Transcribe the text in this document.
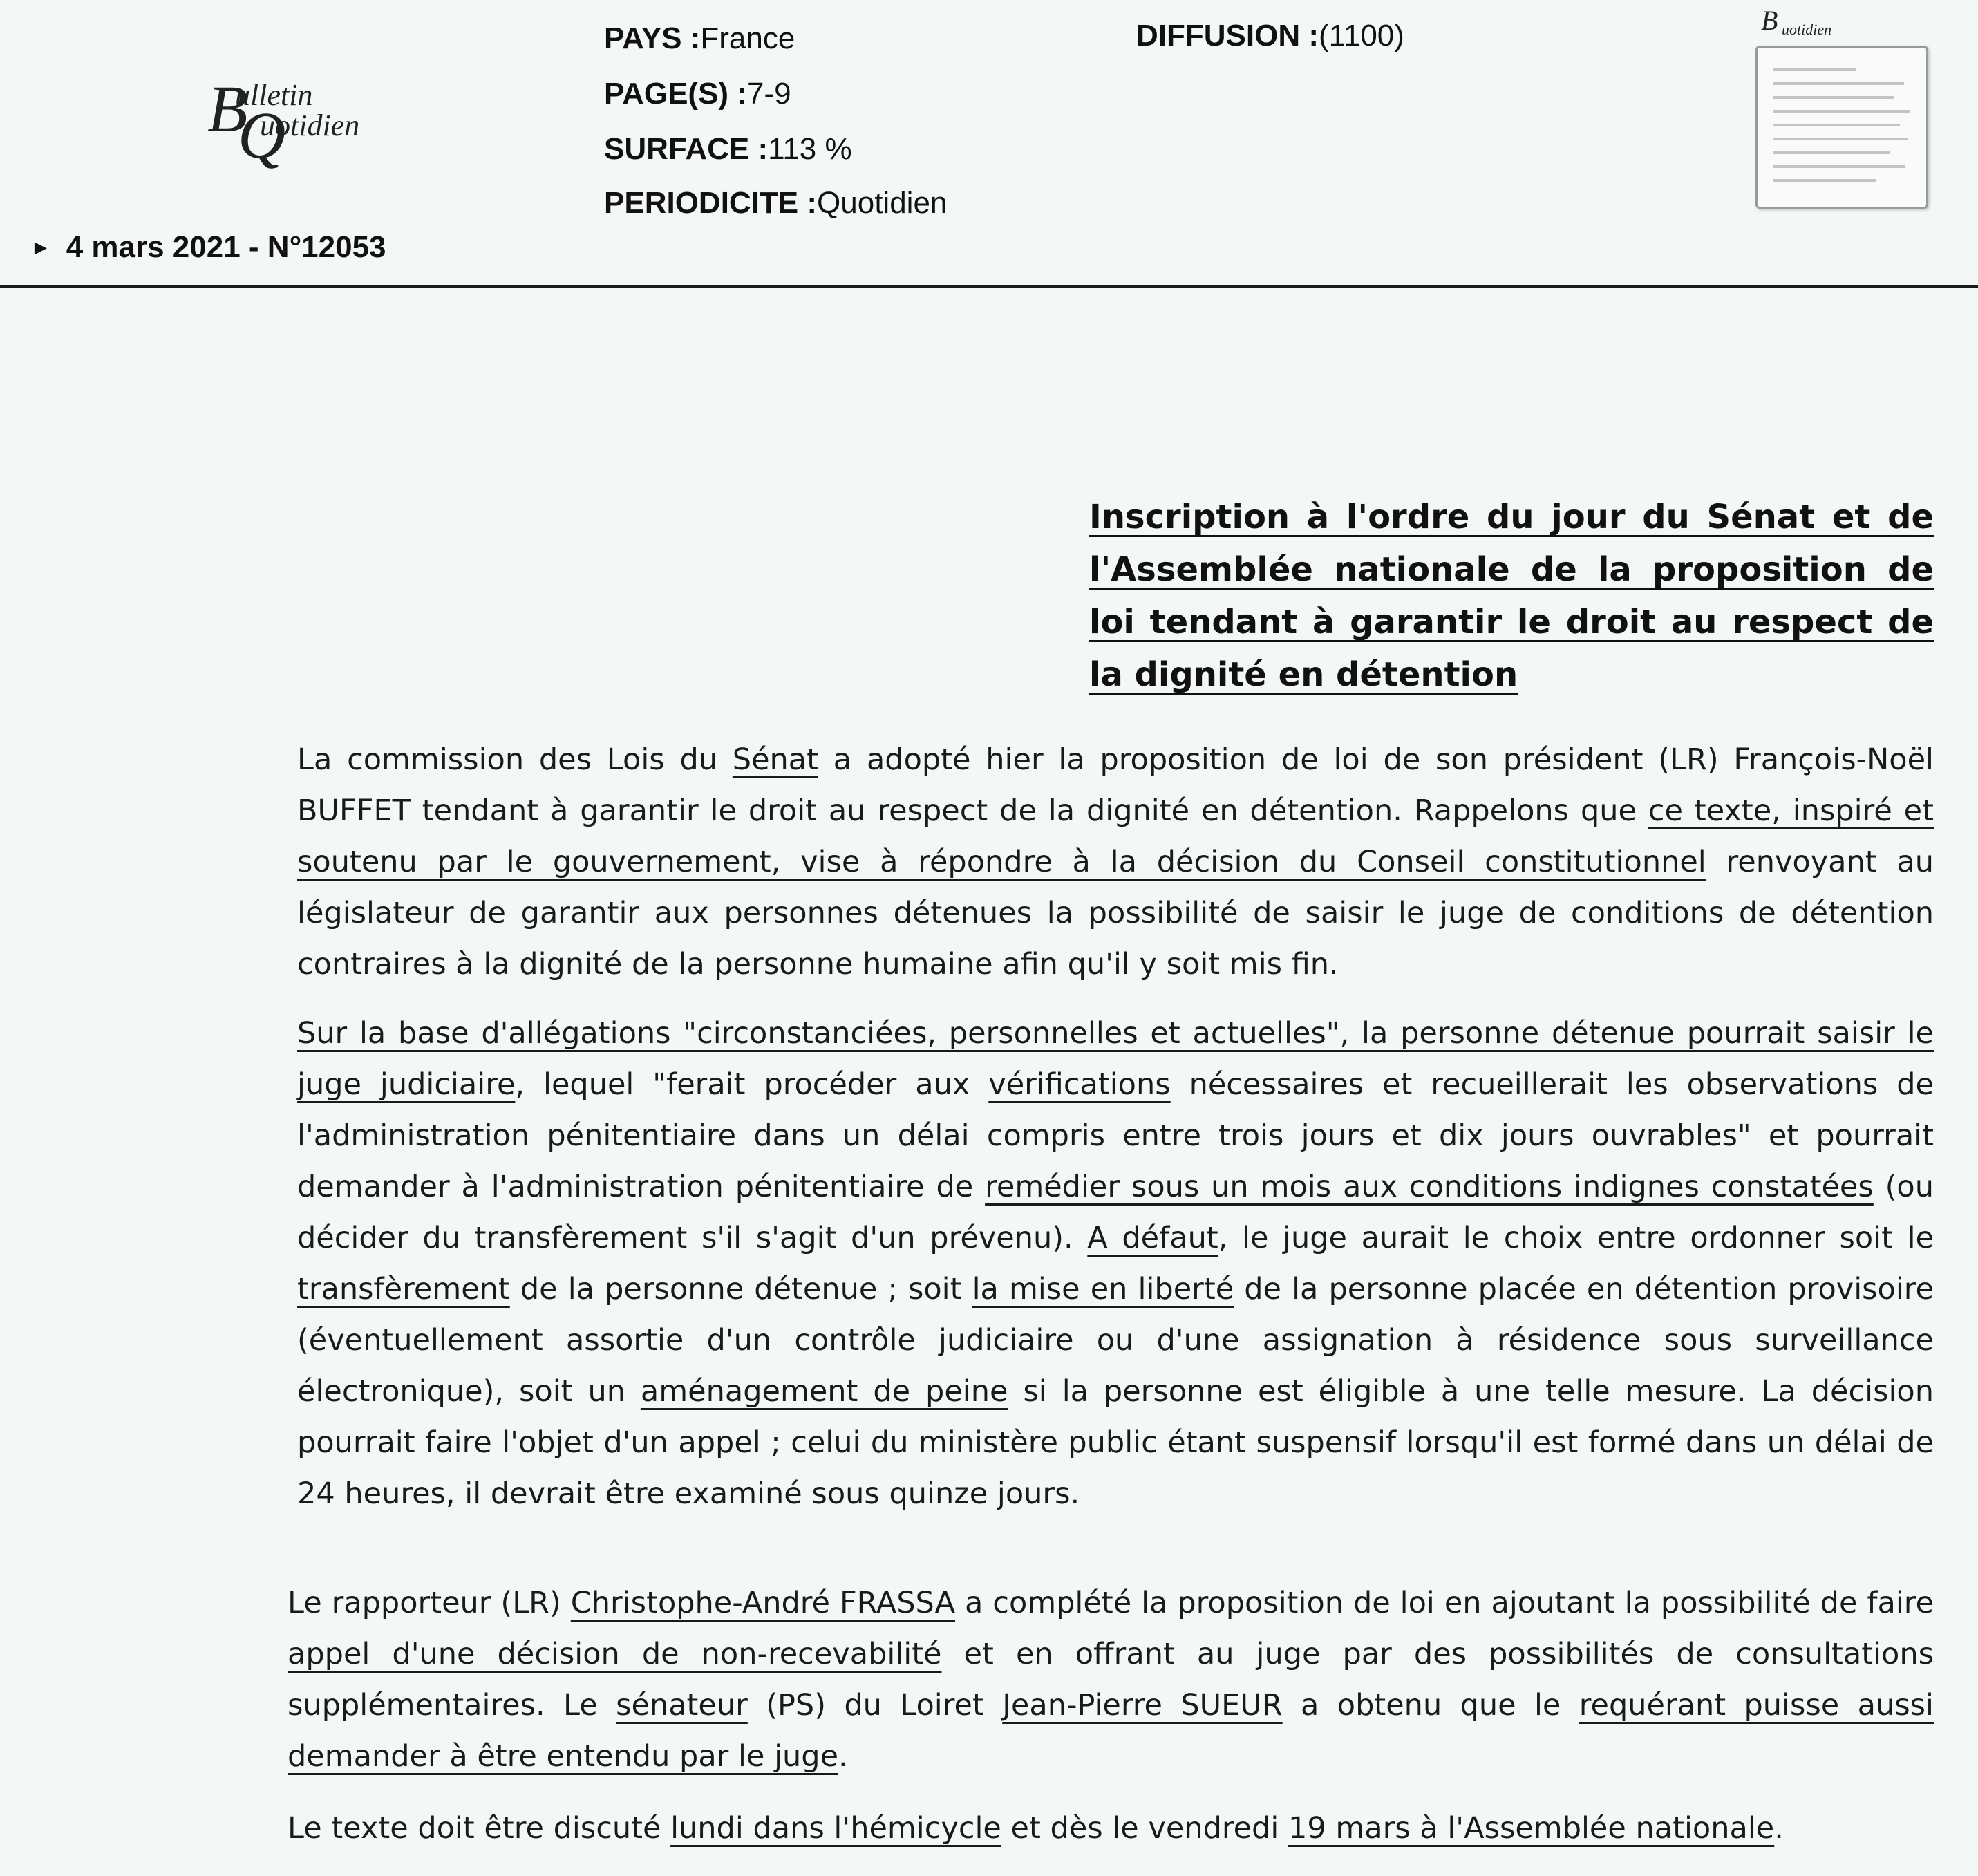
B
ulletin
Q
uotidien
PAYS :France
PAGE(S) :7-9
SURFACE :113 %
PERIODICITE :Quotidien
DIFFUSION :(1100)
► 4 mars 2021 - N°12053
B uotidien
Inscription à l'ordre du jour du Sénat et de l'Assemblée nationale de la proposition de loi tendant à garantir le droit au respect de la dignité en détention

La commission des Lois du Sénat a adopté hier la proposition de loi de son président (LR) François-Noël BUFFET tendant à garantir le droit au respect de la dignité en détention. Rappelons que ce texte, inspiré et soutenu par le gouvernement, vise à répondre à la décision du Conseil constitutionnel renvoyant au législateur de garantir aux personnes détenues la possibilité de saisir le juge de conditions de détention contraires à la dignité de la personne humaine afin qu'il y soit mis fin.

Sur la base d'allégations "circonstanciées, personnelles et actuelles", la personne détenue pourrait saisir le juge judiciaire, lequel "ferait procéder aux vérifications nécessaires et recueillerait les observations de l'administration pénitentiaire dans un délai compris entre trois jours et dix jours ouvrables" et pourrait demander à l'administration pénitentiaire de remédier sous un mois aux conditions indignes constatées (ou décider du transfèrement s'il s'agit d'un prévenu). A défaut, le juge aurait le choix entre ordonner soit le transfèrement de la personne détenue ; soit la mise en liberté de la personne placée en détention provisoire (éventuellement assortie d'un contrôle judiciaire ou d'une assignation à résidence sous surveillance électronique), soit un aménagement de peine si la personne est éligible à une telle mesure. La décision pourrait faire l'objet d'un appel ; celui du ministère public étant suspensif lorsqu'il est formé dans un délai de 24 heures, il devrait être examiné sous quinze jours.

Le rapporteur (LR) Christophe-André FRASSA a complété la proposition de loi en ajoutant la possibilité de faire appel d'une décision de non-recevabilité et en offrant au juge par des possibilités de consultations supplémentaires. Le sénateur (PS) du Loiret Jean-Pierre SUEUR a obtenu que le requérant puisse aussi demander à être entendu par le juge.

Le texte doit être discuté lundi dans l'hémicycle et dès le vendredi 19 mars à l'Assemblée nationale.
